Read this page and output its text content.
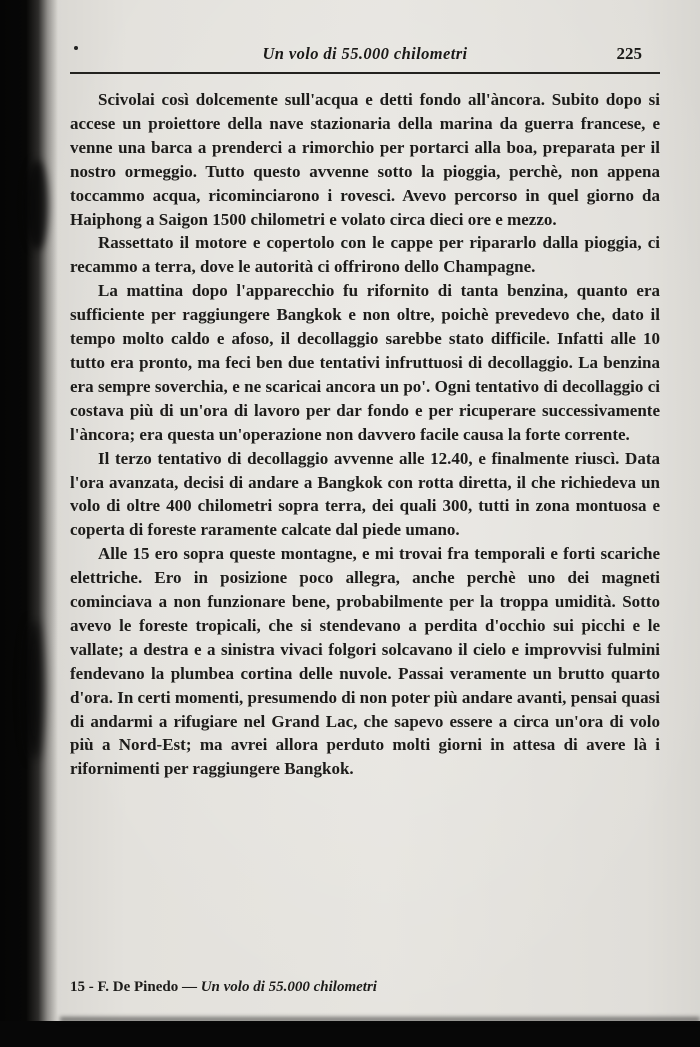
Un volo di 55.000 chilometri	225

Scivolai così dolcemente sull'acqua e detti fondo all'àncora. Subito dopo si accese un proiettore della nave stazionaria della marina da guerra francese, e venne una barca a prenderci a rimorchio per portarci alla boa, preparata per il nostro ormeggio. Tutto questo avvenne sotto la pioggia, perchè, non appena toccammo acqua, ricominciarono i rovesci. Avevo percorso in quel giorno da Haiphong a Saigon 1500 chilometri e volato circa dieci ore e mezzo.

Rassettato il motore e copertolo con le cappe per ripararlo dalla pioggia, ci recammo a terra, dove le autorità ci offrirono dello Champagne.

La mattina dopo l'apparecchio fu rifornito di tanta benzina, quanto era sufficiente per raggiungere Bangkok e non oltre, poichè prevedevo che, dato il tempo molto caldo e afoso, il decollaggio sarebbe stato difficile. Infatti alle 10 tutto era pronto, ma feci ben due tentativi infruttuosi di decollaggio. La benzina era sempre soverchia, e ne scaricai ancora un po'. Ogni tentativo di decollaggio ci costava più di un'ora di lavoro per dar fondo e per ricuperare successivamente l'àncora; era questa un'operazione non davvero facile causa la forte corrente.

Il terzo tentativo di decollaggio avvenne alle 12.40, e finalmente riuscì. Data l'ora avanzata, decisi di andare a Bangkok con rotta diretta, il che richiedeva un volo di oltre 400 chilometri sopra terra, dei quali 300, tutti in zona montuosa e coperta di foreste raramente calcate dal piede umano.

Alle 15 ero sopra queste montagne, e mi trovai fra temporali e forti scariche elettriche. Ero in posizione poco allegra, anche perchè uno dei magneti cominciava a non funzionare bene, probabilmente per la troppa umidità. Sotto avevo le foreste tropicali, che si stendevano a perdita d'occhio sui picchi e le vallate; a destra e a sinistra vivaci folgori solcavano il cielo e improvvisi fulmini fendevano la plumbea cortina delle nuvole. Passai veramente un brutto quarto d'ora. In certi momenti, presumendo di non poter più andare avanti, pensai quasi di andarmi a rifugiare nel Grand Lac, che sapevo essere a circa un'ora di volo più a Nord-Est; ma avrei allora perduto molti giorni in attesa di avere là i rifornimenti per raggiungere Bangkok.

15 - F. De Pinedo — Un volo di 55.000 chilometri
